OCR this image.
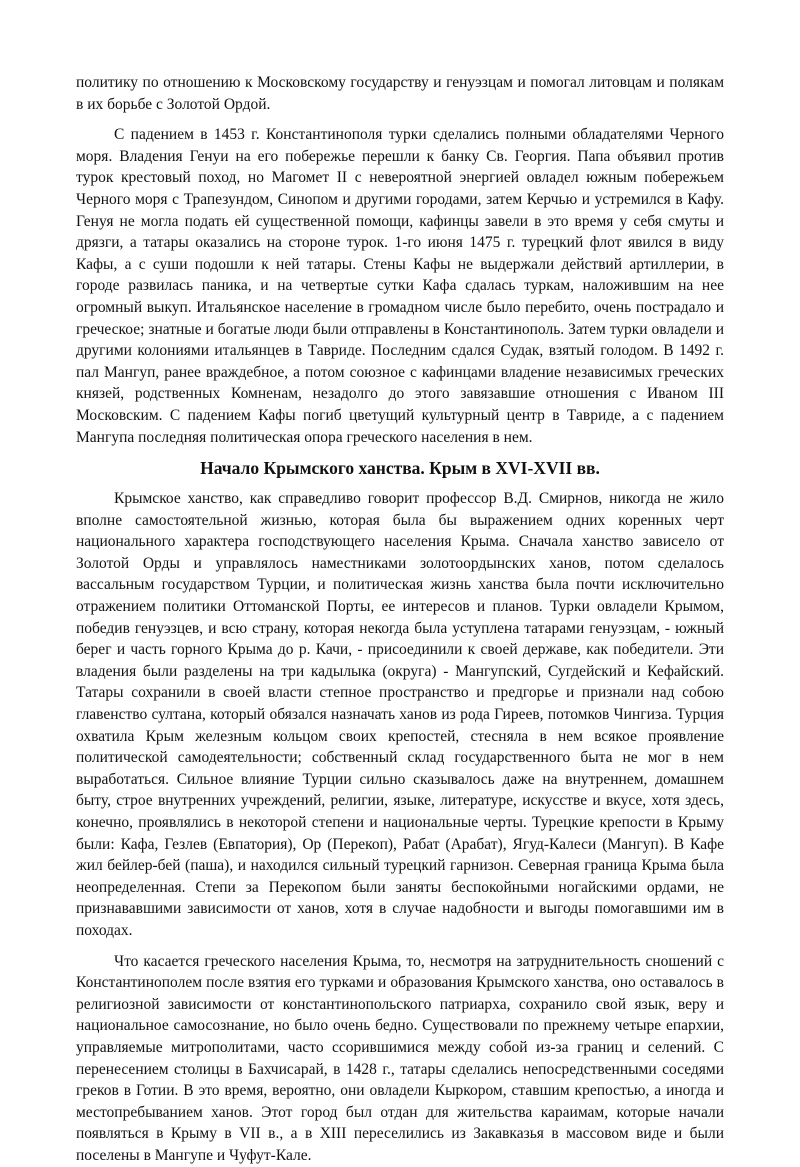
политику по отношению к Московскому государству и генуэзцам и помогал литовцам и полякам в их борьбе с Золотой Ордой.

С падением в 1453 г. Константинополя турки сделались полными обладателями Черного моря. Владения Генуи на его побережье перешли к банку Св. Георгия. Папа объявил против турок крестовый поход, но Магомет II с невероятной энергией овладел южным побережьем Черного моря с Трапезундом, Синопом и другими городами, затем Керчью и устремился в Кафу. Генуя не могла подать ей существенной помощи, кафинцы завели в это время у себя смуты и дрязги, а татары оказались на стороне турок. 1-го июня 1475 г. турецкий флот явился в виду Кафы, а с суши подошли к ней татары. Стены Кафы не выдержали действий артиллерии, в городе развилась паника, и на четвертые сутки Кафа сдалась туркам, наложившим на нее огромный выкуп. Итальянское население в громадном числе было перебито, очень пострадало и греческое; знатные и богатые люди были отправлены в Константинополь. Затем турки овладели и другими колониями итальянцев в Тавриде. Последним сдался Судак, взятый голодом. В 1492 г. пал Мангуп, ранее враждебное, а потом союзное с кафинцами владение независимых греческих князей, родственных Комненам, незадолго до этого завязавшие отношения с Иваном III Московским. С падением Кафы погиб цветущий культурный центр в Тавриде, а с падением Мангупа последняя политическая опора греческого населения в нем.

Начало Крымского ханства. Крым в XVI-XVII вв.

Крымское ханство, как справедливо говорит профессор В.Д. Смирнов, никогда не жило вполне самостоятельной жизнью, которая была бы выражением одних коренных черт национального характера господствующего населения Крыма. Сначала ханство зависело от Золотой Орды и управлялось наместниками золотоордынских ханов, потом сделалось вассальным государством Турции, и политическая жизнь ханства была почти исключительно отражением политики Оттоманской Порты, ее интересов и планов. Турки овладели Крымом, победив генуэзцев, и всю страну, которая некогда была уступлена татарами генуэзцам, - южный берег и часть горного Крыма до р. Качи, - присоединили к своей державе, как победители. Эти владения были разделены на три кадылыка (округа) - Мангупский, Сугдейский и Кефайский. Татары сохранили в своей власти степное пространство и предгорье и признали над собою главенство султана, который обязался назначать ханов из рода Гиреев, потомков Чингиза. Турция охватила Крым железным кольцом своих крепостей, стесняла в нем всякое проявление политической самодеятельности; собственный склад государственного быта не мог в нем выработаться. Сильное влияние Турции сильно сказывалось даже на внутреннем, домашнем быту, строе внутренних учреждений, религии, языке, литературе, искусстве и вкусе, хотя здесь, конечно, проявлялись в некоторой степени и национальные черты. Турецкие крепости в Крыму были: Кафа, Гезлев (Евпатория), Ор (Перекоп), Рабат (Арабат), Ягуд-Калеси (Мангуп). В Кафе жил бейлер-бей (паша), и находился сильный турецкий гарнизон. Северная граница Крыма была неопределенная. Степи за Перекопом были заняты беспокойными ногайскими ордами, не признававшими зависимости от ханов, хотя в случае надобности и выгоды помогавшими им в походах.

Что касается греческого населения Крыма, то, несмотря на затруднительность сношений с Константинополем после взятия его турками и образования Крымского ханства, оно оставалось в религиозной зависимости от константинопольского патриарха, сохранило свой язык, веру и национальное самосознание, но было очень бедно. Существовали по прежнему четыре епархии, управляемые митрополитами, часто ссорившимися между собой из-за границ и селений. С перенесением столицы в Бахчисарай, в 1428 г., татары сделались непосредственными соседями греков в Готии. В это время, вероятно, они овладели Кыркором, ставшим крепостью, а иногда и местопребыванием ханов. Этот город был отдан для жительства караимам, которые начали появляться в Крыму в VII в., а в XIII переселились из Закавказья в массовом виде и были поселены в Мангупе и Чуфут-Кале.
